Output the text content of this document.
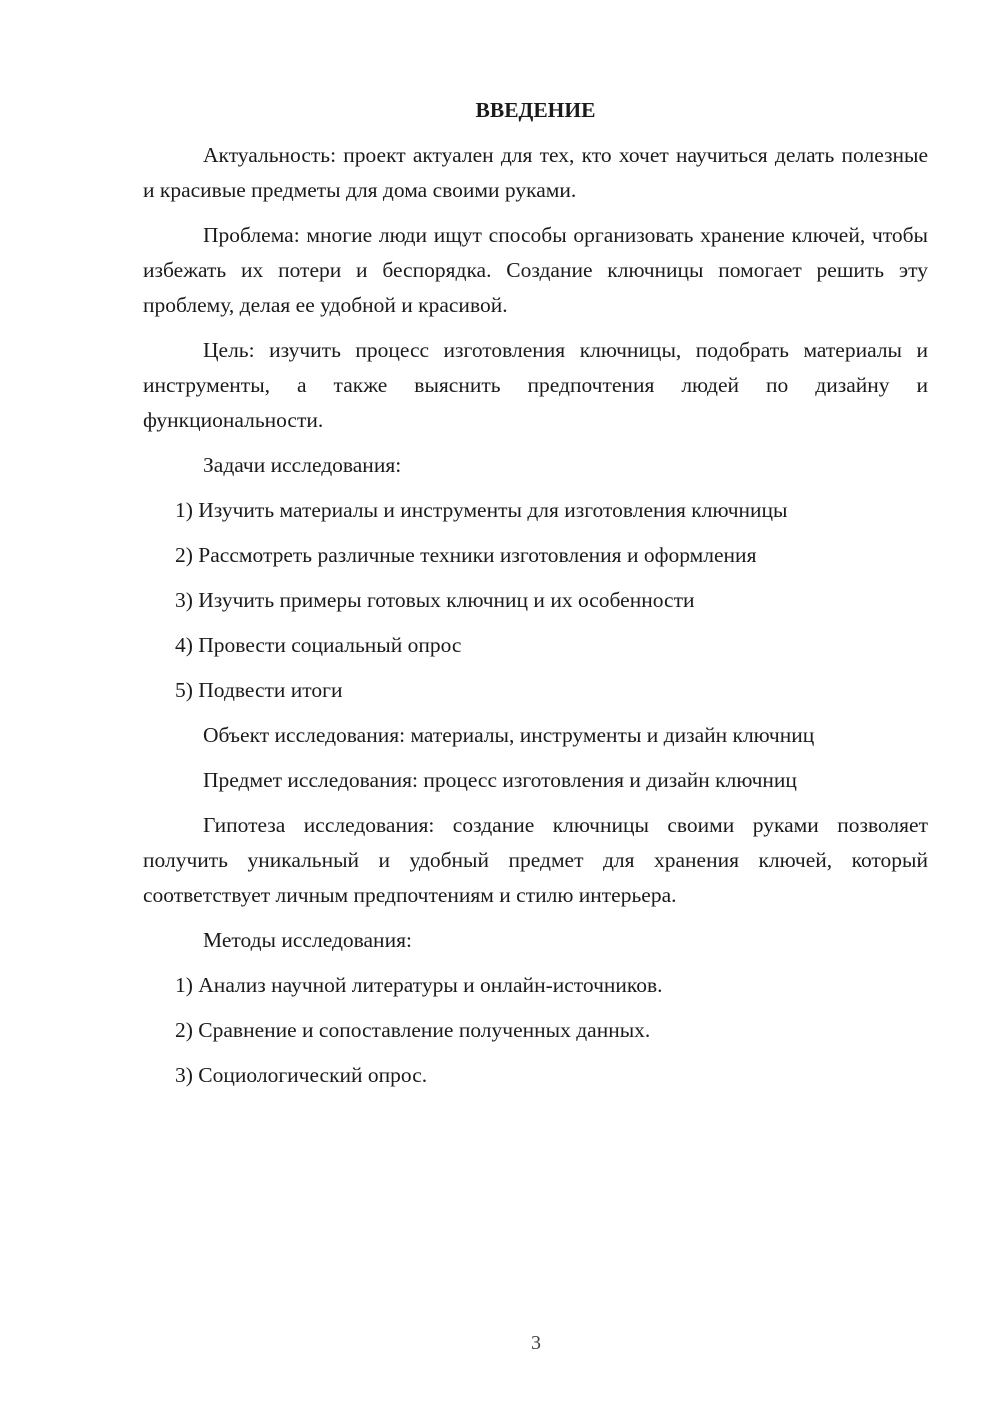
ВВЕДЕНИЕ

Актуальность: проект актуален для тех, кто хочет научиться делать полезные и красивые предметы для дома своими руками.

Проблема: многие люди ищут способы организовать хранение ключей, чтобы избежать их потери и беспорядка. Создание ключницы помогает решить эту проблему, делая ее удобной и красивой.

Цель: изучить процесс изготовления ключницы, подобрать материалы и инструменты, а также выяснить предпочтения людей по дизайну и функциональности.

Задачи исследования:

1) Изучить материалы и инструменты для изготовления ключницы
2) Рассмотреть различные техники изготовления и оформления
3) Изучить примеры готовых ключниц и их особенности
4) Провести социальный опрос
5) Подвести итоги

Объект исследования: материалы, инструменты и дизайн ключниц

Предмет исследования: процесс изготовления и дизайн ключниц

Гипотеза исследования: создание ключницы своими руками позволяет получить уникальный и удобный предмет для хранения ключей, который соответствует личным предпочтениям и стилю интерьера.

Методы исследования:

1) Анализ научной литературы и онлайн-источников.
2) Сравнение и сопоставление полученных данных.
3) Социологический опрос.
3
